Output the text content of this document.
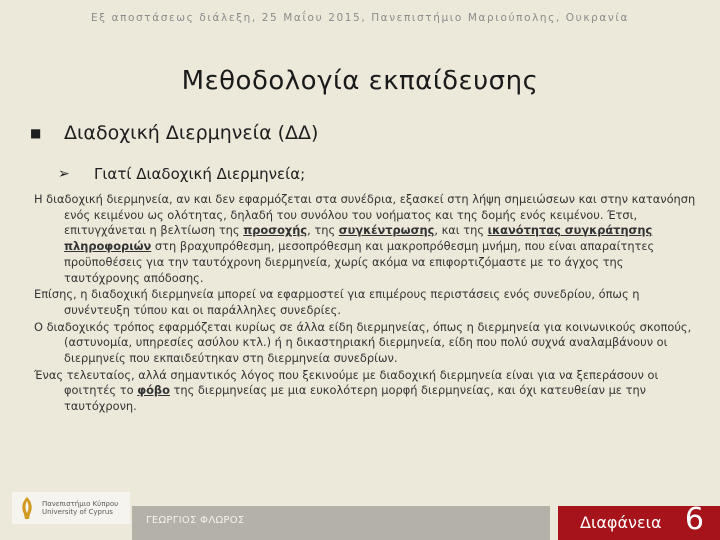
Εξ αποστάσεως διάλεξη, 25 Μαΐου 2015, Πανεπιστήμιο Μαριούπολης, Ουκρανία
Μεθοδολογία εκπαίδευσης
■	Διαδοχική Διερμηνεία (ΔΔ)
➢	Γιατί Διαδοχική Διερμηνεία;

Η διαδοχική διερμηνεία, αν και δεν εφαρμόζεται στα συνέδρια, εξασκεί στη λήψη σημειώσεων και στην κατανόηση ενός κειμένου ως ολότητας, δηλαδή του συνόλου του νοήματος και της δομής ενός κειμένου. Έτσι, επιτυγχάνεται η βελτίωση της προσοχής, της συγκέντρωσης, και της ικανότητας συγκράτησης πληροφοριών στη βραχυπρόθεσμη, μεσοπρόθεσμη και μακροπρόθεσμη μνήμη, που είναι απαραίτητες προϋποθέσεις για την ταυτόχρονη διερμηνεία, χωρίς ακόμα να επιφορτιζόμαστε με το άγχος της ταυτόχρονης απόδοσης.

Επίσης, η διαδοχική διερμηνεία μπορεί να εφαρμοστεί για επιμέρους περιστάσεις ενός συνεδρίου, όπως η συνέντευξη τύπου και οι παράλληλες συνεδρίες.

Ο διαδοχικός τρόπος εφαρμόζεται κυρίως σε άλλα είδη διερμηνείας, όπως η διερμηνεία για κοινωνικούς σκοπούς, (αστυνομία, υπηρεσίες ασύλου κτλ.) ή η δικαστηριακή διερμηνεία, είδη που πολύ συχνά αναλαμβάνουν οι διερμηνείς που εκπαιδεύτηκαν στη διερμηνεία συνεδρίων.

Ένας τελευταίος, αλλά σημαντικός λόγος που ξεκινούμε με διαδοχική διερμηνεία είναι για να ξεπεράσουν οι φοιτητές το φόβο της διερμηνείας με μια ευκολότερη μορφή διερμηνείας, και όχι κατευθείαν με την ταυτόχρονη.

Πανεπιστήμιο Κύπρου
University of Cyprus
ΓΕΩΡΓΙΟΣ ΦΛΩΡΟΣ	Διαφάνεια 6
